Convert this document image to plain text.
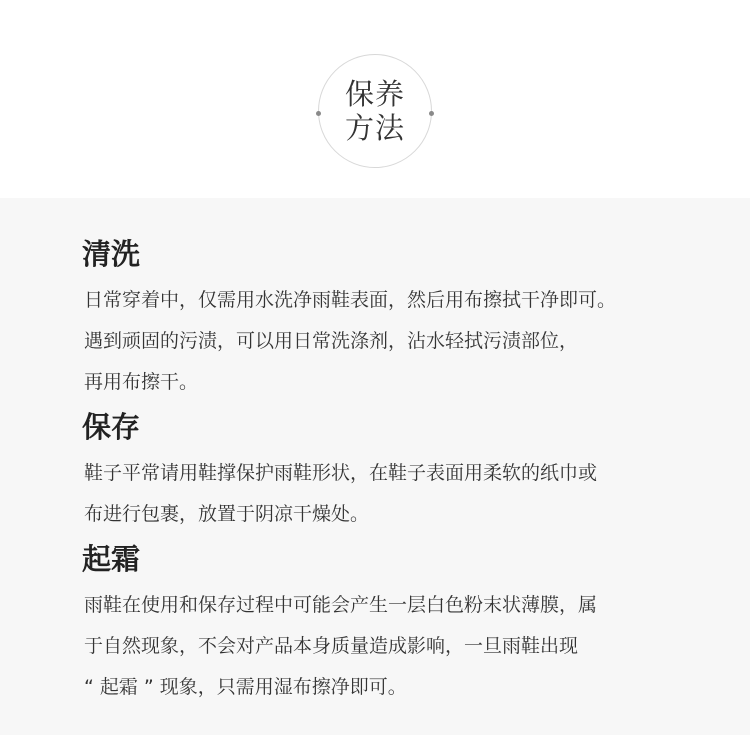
保养
方法
清洗
日常穿着中，仅需用水洗净雨鞋表面，然后用布擦拭干净即可。
遇到顽固的污渍，可以用日常洗涤剂，沾水轻拭污渍部位，
再用布擦干。
保存
鞋子平常请用鞋撑保护雨鞋形状，在鞋子表面用柔软的纸巾或
布进行包裹，放置于阴凉干燥处。
起霜
雨鞋在使用和保存过程中可能会产生一层白色粉末状薄膜，属
于自然现象，不会对产品本身质量造成影响，一旦雨鞋出现
“ 起霜 ” 现象，只需用湿布擦净即可。
